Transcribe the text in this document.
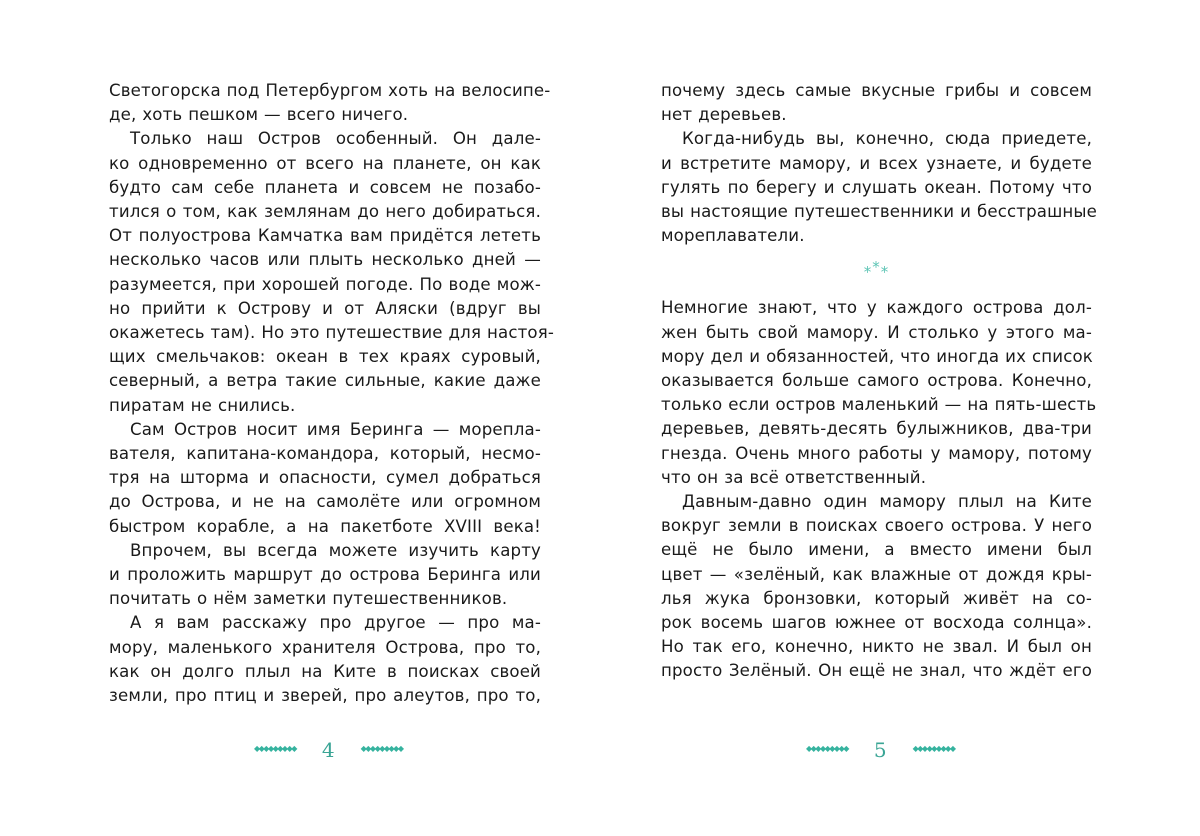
Светогорска под Петербургом хоть на велосипе-
де, хоть пешком — всего ничего.
Только наш Остров особенный. Он дале-
ко одновременно от всего на планете, он как
будто сам себе планета и совсем не позабо-
тился о том, как землянам до него добираться.
От полуострова Камчатка вам придётся лететь
несколько часов или плыть несколько дней —
разумеется, при хорошей погоде. По воде мож-
но прийти к Острову и от Аляски (вдруг вы
окажетесь там). Но это путешествие для настоя-
щих смельчаков: океан в тех краях суровый,
северный, а ветра такие сильные, какие даже
пиратам не снились.
Сам Остров носит имя Беринга — морепла-
вателя, капитана-командора, который, несмо-
тря на шторма и опасности, сумел добраться
до Острова, и не на самолёте или огромном
быстром корабле, а на пакетботе XVIII века!
Впрочем, вы всегда можете изучить карту
и проложить маршрут до острова Беринга или
почитать о нём заметки путешественников.
А я вам расскажу про другое — про ма-
мору, маленького хранителя Острова, про то,
как он долго плыл на Ките в поисках своей
земли, про птиц и зверей, про алеутов, про то,
◆◆◆◆◆◆◆◆◆ 4	◆◆◆◆◆◆◆◆◆
почему здесь самые вкусные грибы и совсем
нет деревьев.
Когда-нибудь вы, конечно, сюда приедете,
и встретите мамору, и всех узнаете, и будете
гулять по берегу и слушать океан. Потому что
вы настоящие путешественники и бесстрашные
мореплаватели.
***
Немногие знают, что у каждого острова дол-
жен быть свой мамору. И столько у этого ма-
мору дел и обязанностей, что иногда их список
оказывается больше самого острова. Конечно,
только если остров маленький — на пять-шесть
деревьев, девять-десять булыжников, два-три
гнезда. Очень много работы у мамору, потому
что он за всё ответственный.
Давным-давно один мамору плыл на Ките
вокруг земли в поисках своего острова. У него
ещё не было имени, а вместо имени был
цвет — «зелёный, как влажные от дождя кры-
лья жука бронзовки, который живёт на со-
рок восемь шагов южнее от восхода солнца».
Но так его, конечно, никто не звал. И был он
просто Зелёный. Он ещё не знал, что ждёт его
◆◆◆◆◆◆◆◆◆ 5	◆◆◆◆◆◆◆◆◆
